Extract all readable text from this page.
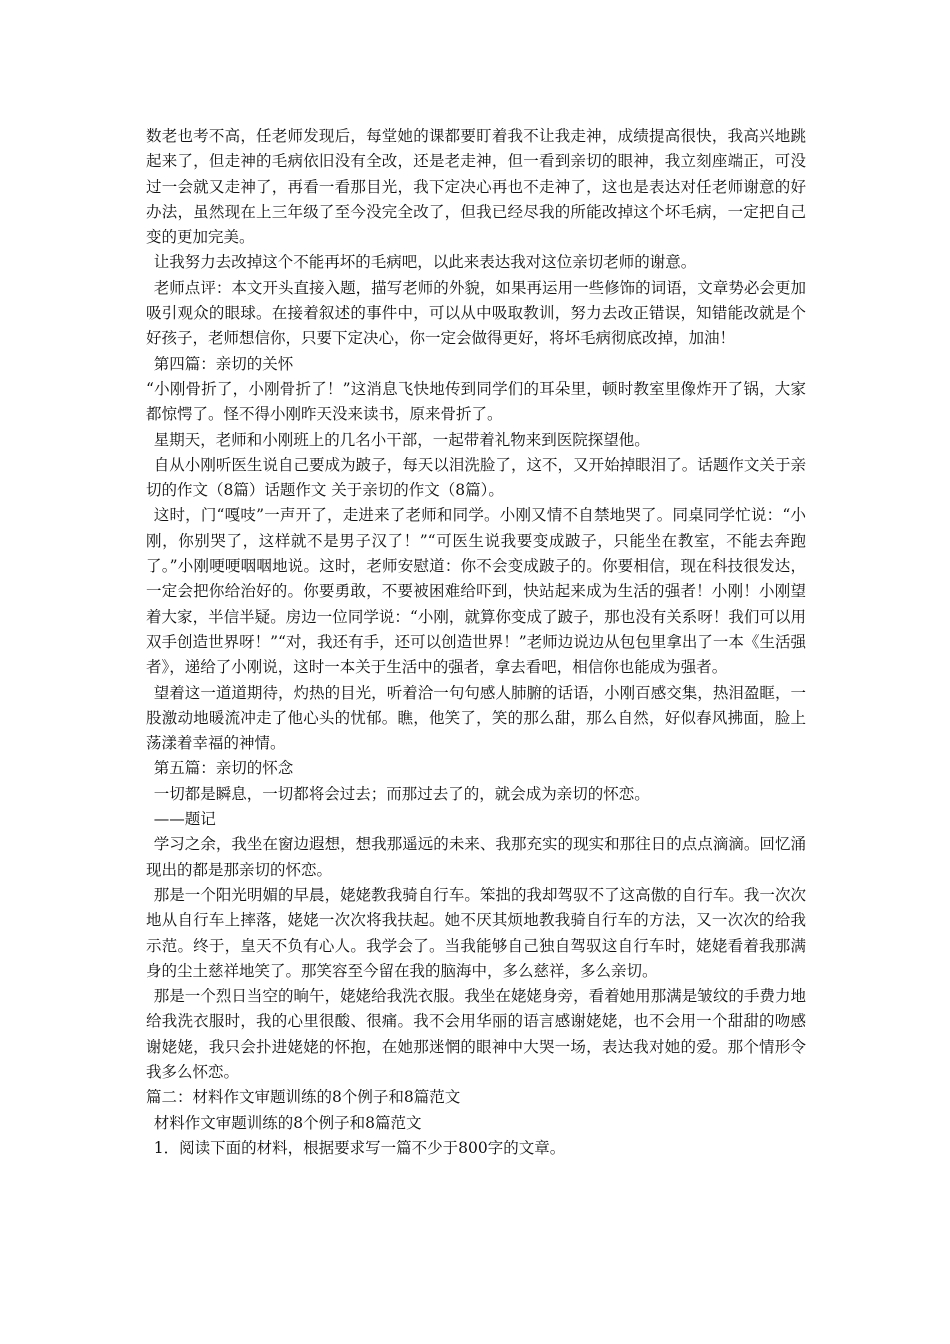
数老也考不高，任老师发现后，每堂她的课都要盯着我不让我走神，成绩提高很快，我高兴地跳起来了，但走神的毛病依旧没有全改，还是老走神，但一看到亲切的眼神，我立刻座端正，可没过一会就又走神了，再看一看那目光，我下定决心再也不走神了，这也是表达对任老师谢意的好办法，虽然现在上三年级了至今没完全改了，但我已经尽我的所能改掉这个坏毛病，一定把自己变的更加完美。

让我努力去改掉这个不能再坏的毛病吧，以此来表达我对这位亲切老师的谢意。

老师点评：本文开头直接入题，描写老师的外貌，如果再运用一些修饰的词语，文章势必会更加吸引观众的眼球。在接着叙述的事件中，可以从中吸取教训，努力去改正错误，知错能改就是个好孩子，老师想信你，只要下定决心，你一定会做得更好，将坏毛病彻底改掉，加油！

第四篇：亲切的关怀

“小刚骨折了，小刚骨折了！”这消息飞快地传到同学们的耳朵里，顿时教室里像炸开了锅，大家都惊愕了。怪不得小刚昨天没来读书，原来骨折了。

星期天，老师和小刚班上的几名小干部，一起带着礼物来到医院探望他。

自从小刚听医生说自己要成为跛子，每天以泪洗脸了，这不，又开始掉眼泪了。话题作文关于亲切的作文（8篇）话题作文 关于亲切的作文（8篇）。

这时，门“嘎吱”一声开了，走进来了老师和同学。小刚又情不自禁地哭了。同桌同学忙说：“小刚，你别哭了，这样就不是男子汉了！”“可医生说我要变成跛子，只能坐在教室，不能去奔跑了。”小刚哽哽咽咽地说。这时，老师安慰道：你不会变成跛子的。你要相信，现在科技很发达，一定会把你给治好的。你要勇敢，不要被困难给吓到，快站起来成为生活的强者！小刚！小刚望着大家，半信半疑。房边一位同学说：“小刚，就算你变成了跛子，那也没有关系呀！我们可以用双手创造世界呀！”“对，我还有手，还可以创造世界！”老师边说边从包包里拿出了一本《生活强者》，递给了小刚说，这时一本关于生活中的强者，拿去看吧，相信你也能成为强者。

望着这一道道期待，灼热的目光，听着洽一句句感人肺腑的话语，小刚百感交集，热泪盈眶，一股激动地暖流冲走了他心头的忧郁。瞧，他笑了，笑的那么甜，那么自然，好似春风拂面，脸上荡漾着幸福的神情。

第五篇：亲切的怀念

一切都是瞬息，一切都将会过去；而那过去了的，就会成为亲切的怀恋。

——题记

学习之余，我坐在窗边遐想，想我那遥远的未来、我那充实的现实和那往日的点点滴滴。回忆涌现出的都是那亲切的怀恋。

那是一个阳光明媚的早晨，姥姥教我骑自行车。笨拙的我却驾驭不了这高傲的自行车。我一次次地从自行车上摔落，姥姥一次次将我扶起。她不厌其烦地教我骑自行车的方法，又一次次的给我示范。终于，皇天不负有心人。我学会了。当我能够自己独自驾驭这自行车时，姥姥看着我那满身的尘土慈祥地笑了。那笑容至今留在我的脑海中，多么慈祥，多么亲切。

那是一个烈日当空的晌午，姥姥给我洗衣服。我坐在姥姥身旁，看着她用那满是皱纹的手费力地给我洗衣服时，我的心里很酸、很痛。我不会用华丽的语言感谢姥姥，也不会用一个甜甜的吻感谢姥姥，我只会扑进姥姥的怀抱，在她那迷惘的眼神中大哭一场，表达我对她的爱。那个情形令我多么怀恋。

篇二：材料作文审题训练的8个例子和8篇范文

材料作文审题训练的8个例子和8篇范文

1．阅读下面的材料，根据要求写一篇不少于800字的文章。
